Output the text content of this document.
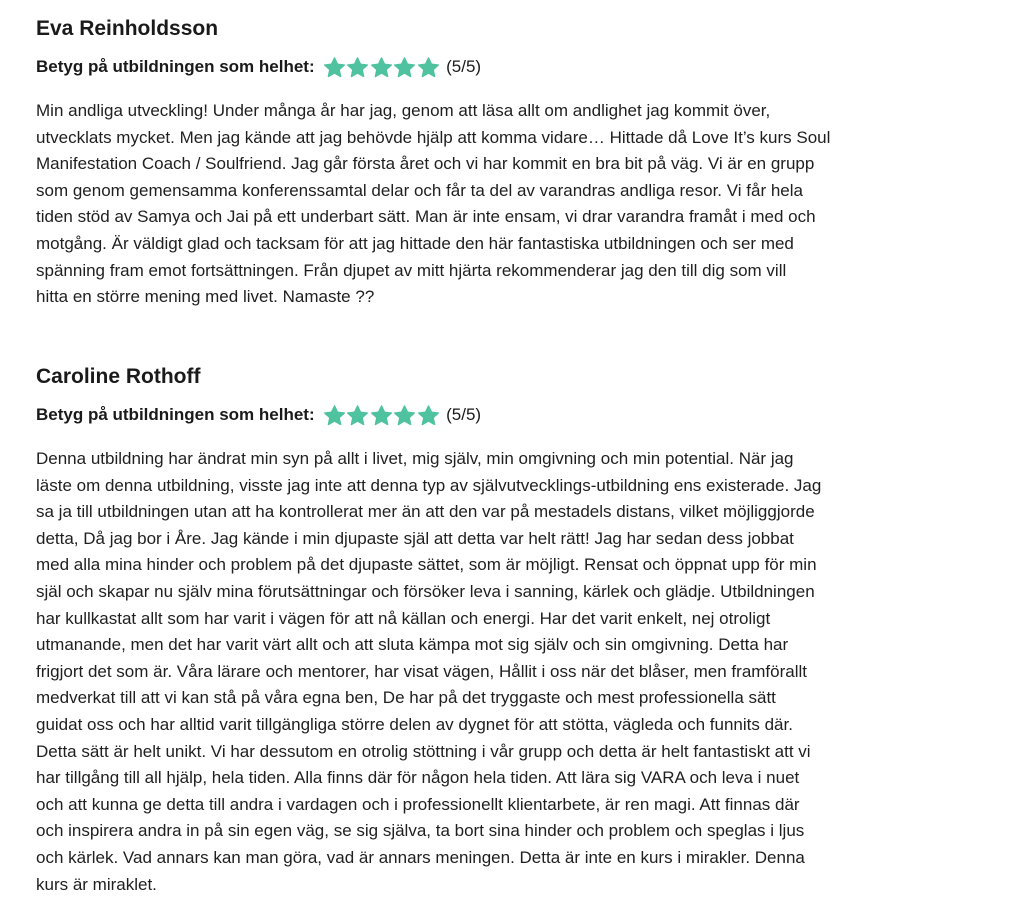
Eva Reinholdsson
Betyg på utbildningen som helhet:	(5/5)
Min andliga utveckling! Under många år har jag, genom att läsa allt om andlighet jag kommit över,
utvecklats mycket. Men jag kände att jag behövde hjälp att komma vidare… Hittade då Love It’s kurs Soul
Manifestation Coach / Soulfriend. Jag går första året och vi har kommit en bra bit på väg. Vi är en grupp
som genom gemensamma konferenssamtal delar och får ta del av varandras andliga resor. Vi får hela
tiden stöd av Samya och Jai på ett underbart sätt. Man är inte ensam, vi drar varandra framåt i med och
motgång. Är väldigt glad och tacksam för att jag hittade den här fantastiska utbildningen och ser med
spänning fram emot fortsättningen. Från djupet av mitt hjärta rekommenderar jag den till dig som vill
hitta en större mening med livet. Namaste ??
Caroline Rothoff
Betyg på utbildningen som helhet:	(5/5)
Denna utbildning har ändrat min syn på allt i livet, mig själv, min omgivning och min potential. När jag
läste om denna utbildning, visste jag inte att denna typ av självutvecklings-utbildning ens existerade. Jag
sa ja till utbildningen utan att ha kontrollerat mer än att den var på mestadels distans, vilket möjliggjorde
detta, Då jag bor i Åre. Jag kände i min djupaste själ att detta var helt rätt! Jag har sedan dess jobbat
med alla mina hinder och problem på det djupaste sättet, som är möjligt. Rensat och öppnat upp för min
själ och skapar nu själv mina förutsättningar och försöker leva i sanning, kärlek och glädje. Utbildningen
har kullkastat allt som har varit i vägen för att nå källan och energi. Har det varit enkelt, nej otroligt
utmanande, men det har varit värt allt och att sluta kämpa mot sig själv och sin omgivning. Detta har
frigjort det som är. Våra lärare och mentorer, har visat vägen, Hållit i oss när det blåser, men framförallt
medverkat till att vi kan stå på våra egna ben, De har på det tryggaste och mest professionella sätt
guidat oss och har alltid varit tillgängliga större delen av dygnet för att stötta, vägleda och funnits där.
Detta sätt är helt unikt. Vi har dessutom en otrolig stöttning i vår grupp och detta är helt fantastiskt att vi
har tillgång till all hjälp, hela tiden. Alla finns där för någon hela tiden. Att lära sig VARA och leva i nuet
och att kunna ge detta till andra i vardagen och i professionellt klientarbete, är ren magi. Att finnas där
och inspirera andra in på sin egen väg, se sig själva, ta bort sina hinder och problem och speglas i ljus
och kärlek. Vad annars kan man göra, vad är annars meningen. Detta är inte en kurs i mirakler. Denna
kurs är miraklet.
